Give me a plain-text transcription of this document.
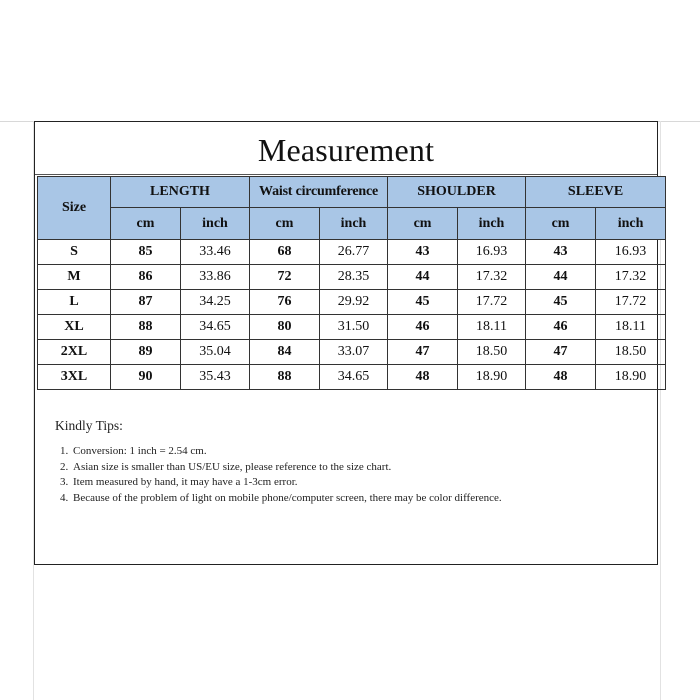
Measurement
Size	LENGTH		Waist circumference		SHOULDER		SLEEVE	
	cm	inch	cm	inch	cm	inch	cm	inch
S	85	33.46	68	26.77	43	16.93	43	16.93
M	86	33.86	72	28.35	44	17.32	44	17.32
L	87	34.25	76	29.92	45	17.72	45	17.72
XL	88	34.65	80	31.50	46	18.11	46	18.11
2XL	89	35.04	84	33.07	47	18.50	47	18.50
3XL	90	35.43	88	34.65	48	18.90	48	18.90
Kindly Tips:
1. Conversion: 1 inch = 2.54 cm.
2. Asian size is smaller than US/EU size, please reference to the size chart.
3. Item measured by hand, it may have a 1-3cm error.
4. Because of the problem of light on mobile phone/computer screen, there may be color difference.
